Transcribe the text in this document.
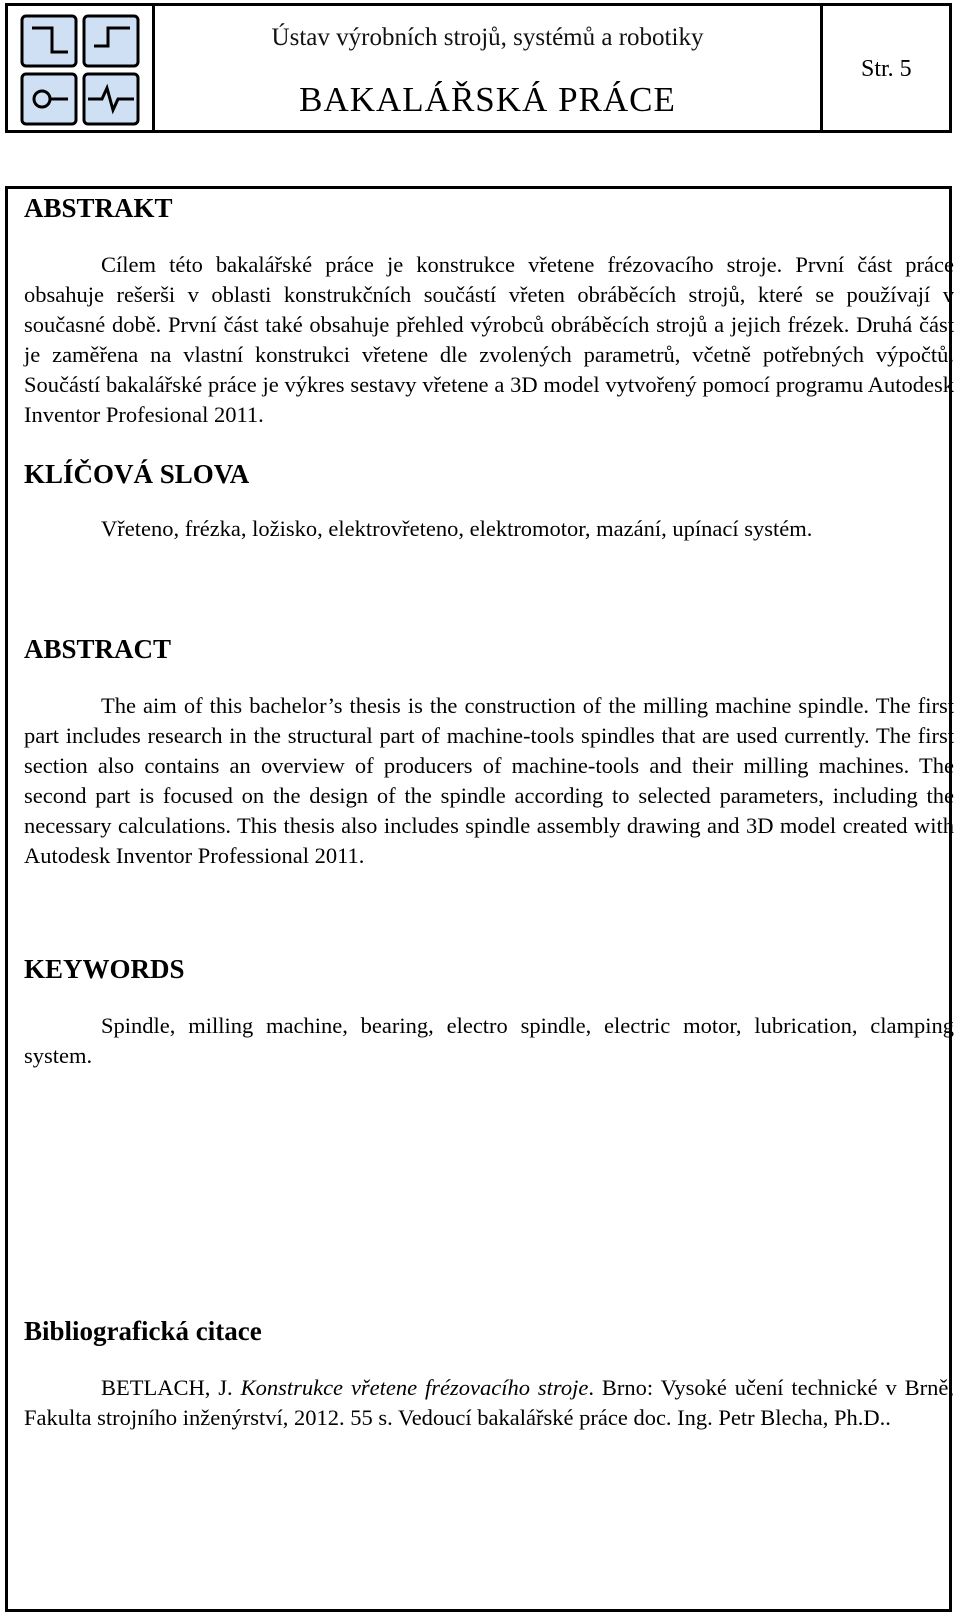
Ústav výrobních strojů, systémů a robotiky
BAKALÁŘSKÁ PRÁCE
Str. 5
ABSTRAKT

Cílem této bakalářské práce je konstrukce vřetene frézovacího stroje. První část práce obsahuje rešerši v oblasti konstrukčních součástí vřeten obráběcích strojů, které se používají v současné době. První část také obsahuje přehled výrobců obráběcích strojů a jejich frézek. Druhá část je zaměřena na vlastní konstrukci vřetene dle zvolených parametrů, včetně potřebných výpočtů. Součástí bakalářské práce je výkres sestavy vřetene a 3D model vytvořený pomocí programu Autodesk Inventor Profesional 2011.

KLÍČOVÁ SLOVA

Vřeteno, frézka, ložisko, elektrovřeteno, elektromotor, mazání, upínací systém.

ABSTRACT

The aim of this bachelor’s thesis is the construction of the milling machine spindle. The first part includes research in the structural part of machine-tools spindles that are used currently. The first section also contains an overview of producers of machine-tools and their milling machines. The second part is focused on the design of the spindle according to selected parameters, including the necessary calculations. This thesis also includes spindle assembly drawing and 3D model created with Autodesk Inventor Professional 2011.

KEYWORDS

Spindle, milling machine, bearing, electro spindle, electric motor, lubrication, clamping system.

Bibliografická citace

BETLACH, J. Konstrukce vřetene frézovacího stroje. Brno: Vysoké učení technické v Brně, Fakulta strojního inženýrství, 2012. 55 s. Vedoucí bakalářské práce doc. Ing. Petr Blecha, Ph.D..
